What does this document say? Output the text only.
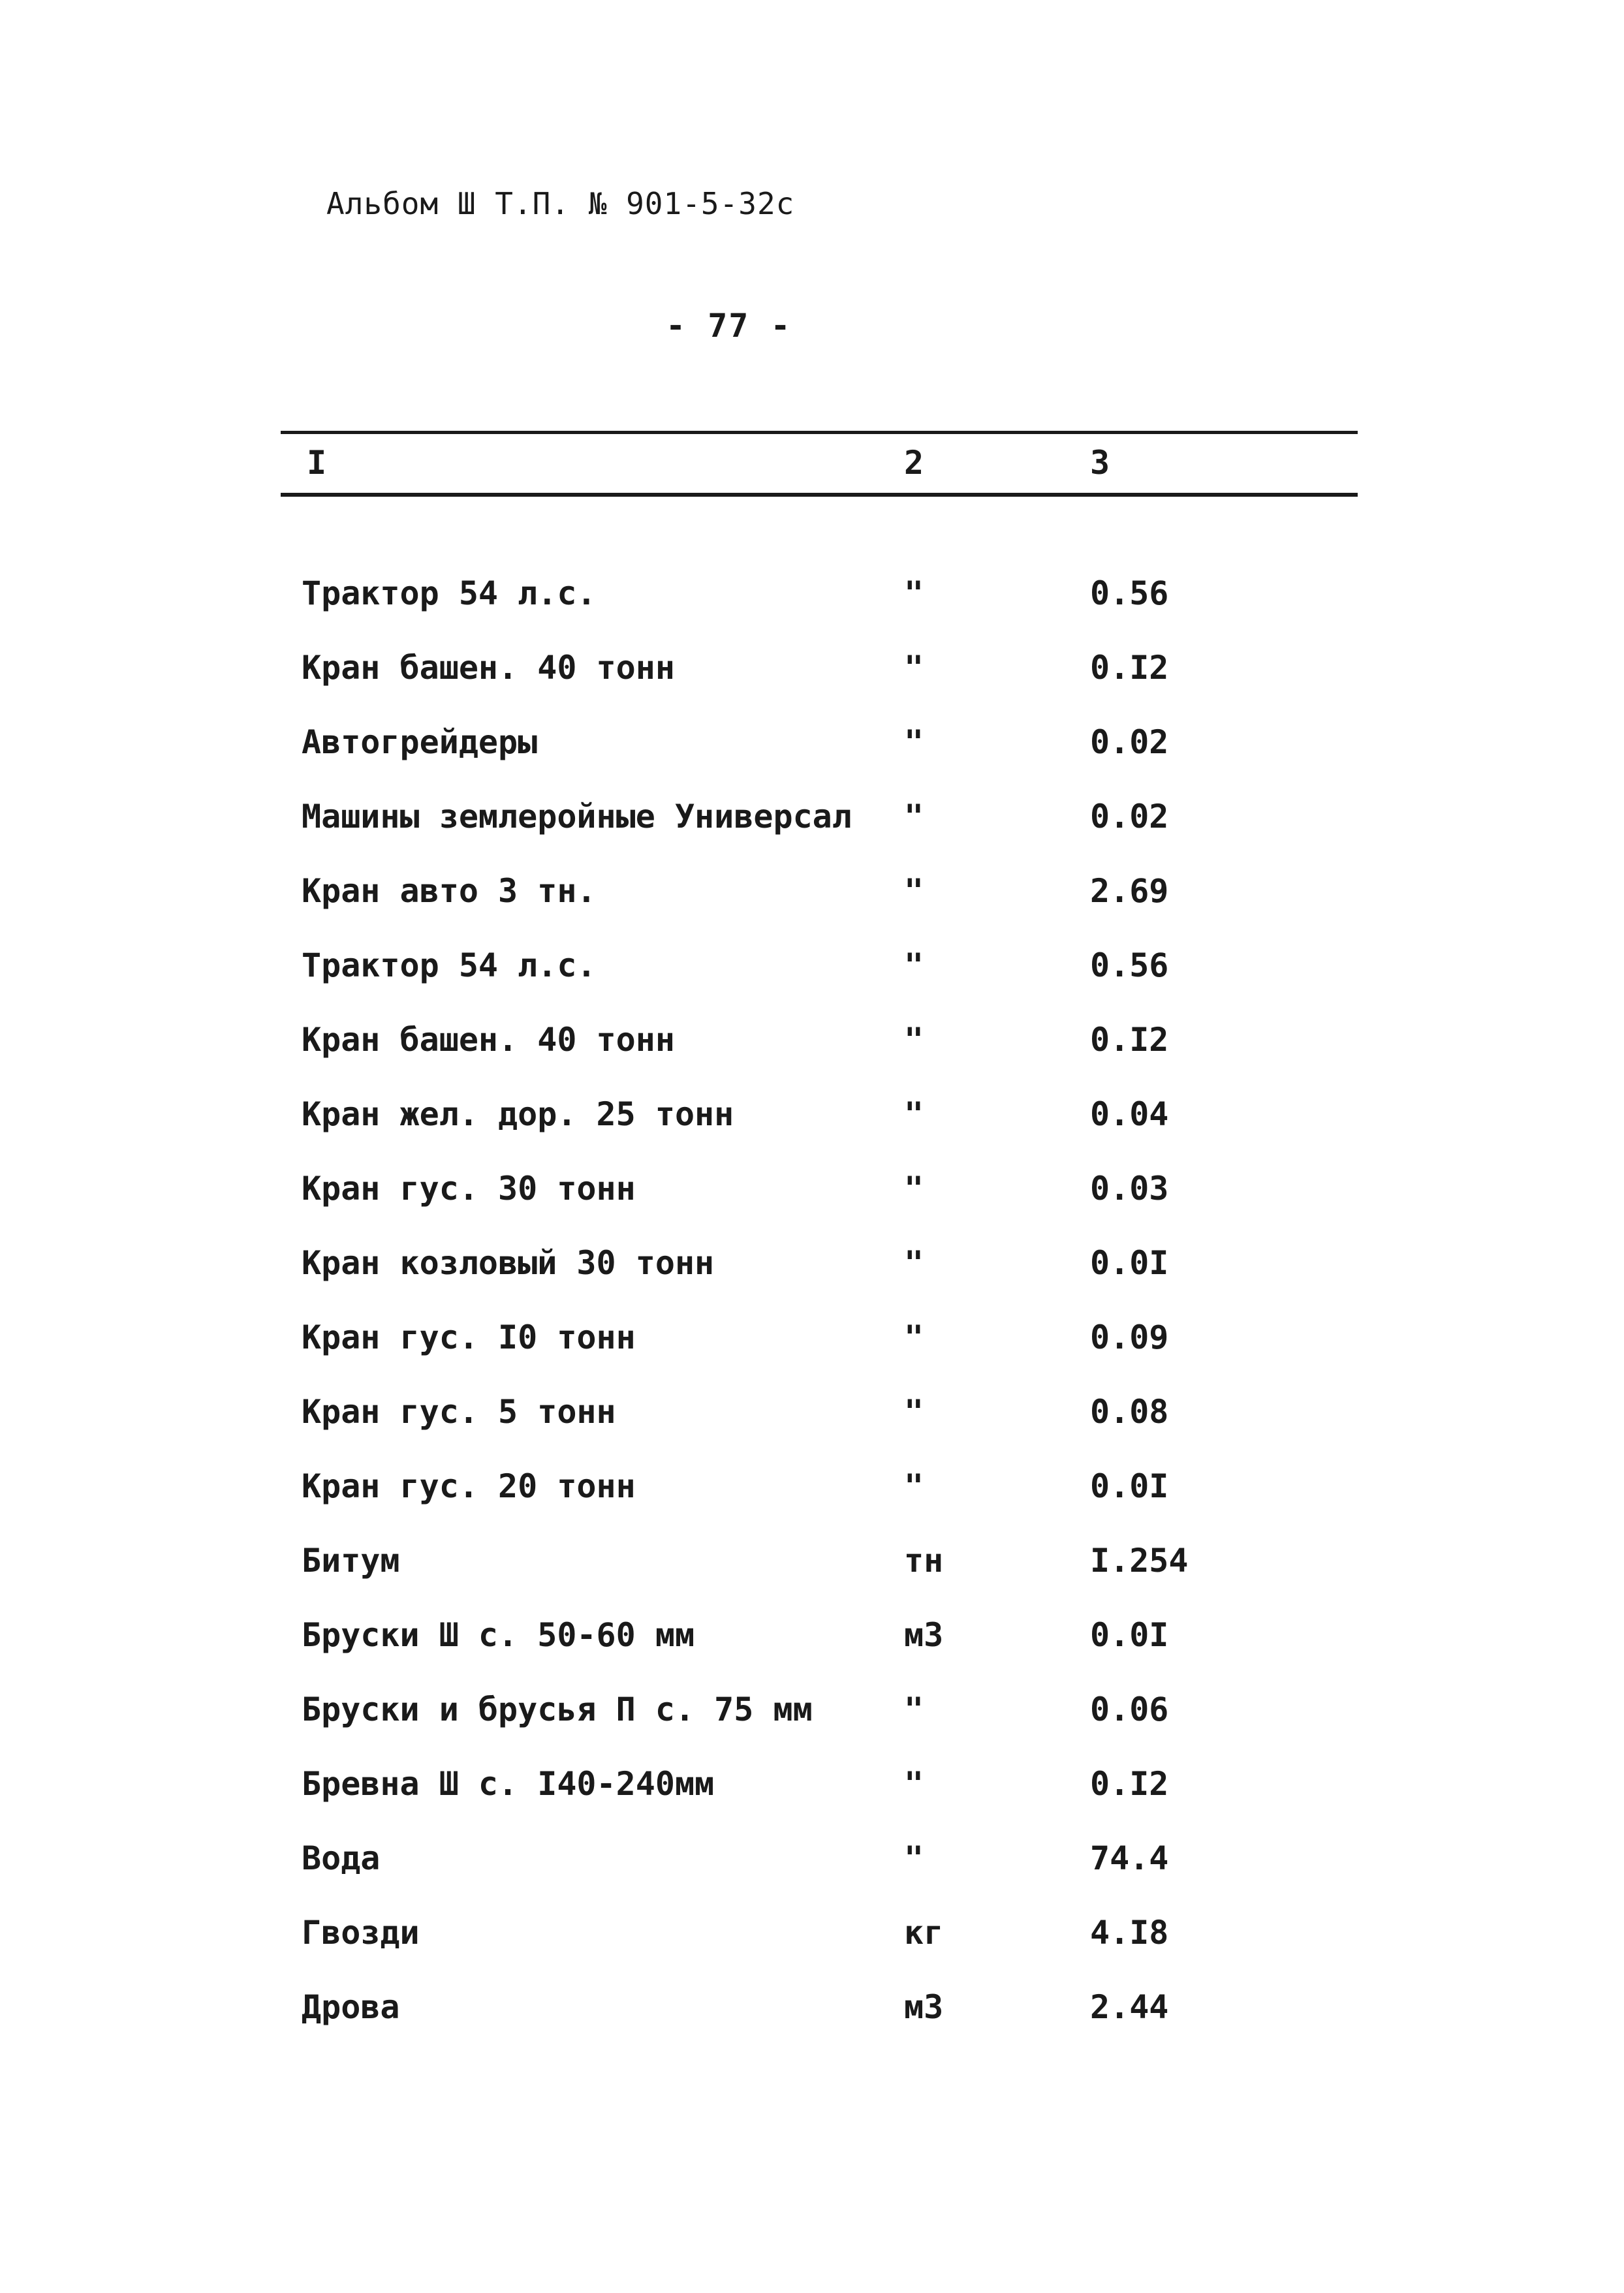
Альбом Ш Т.П. № 901-5-32с
- 77 -
I	2	3
Трактор 54 л.с.	"	0.56
Кран башен. 40 тонн	"	0.I2
Автогрейдеры	"	0.02
Машины землеройные Универсал "	0.02
Кран авто 3 тн.	"	2.69
Трактор 54 л.с.	"	0.56
Кран башен. 40 тонн	"	0.I2
Кран жел. дор. 25 тонн	"	0.04
Кран гус. 30 тонн	"	0.03
Кран козловый 30 тонн	"	0.0I
Кран гус. I0 тонн	"	0.09
Кран гус. 5 тонн	"	0.08
Кран гус. 20 тонн	"	0.0I
Битум	тн	I.254
Бруски Ш с. 50-60 мм	м3	0.0I
Бруски и брусья П с. 75 мм	"	0.06
Бревна Ш с. I40-240мм	"	0.I2
Вода	"	74.4
Гвозди	кг	4.I8
Дрова	м3	2.44
